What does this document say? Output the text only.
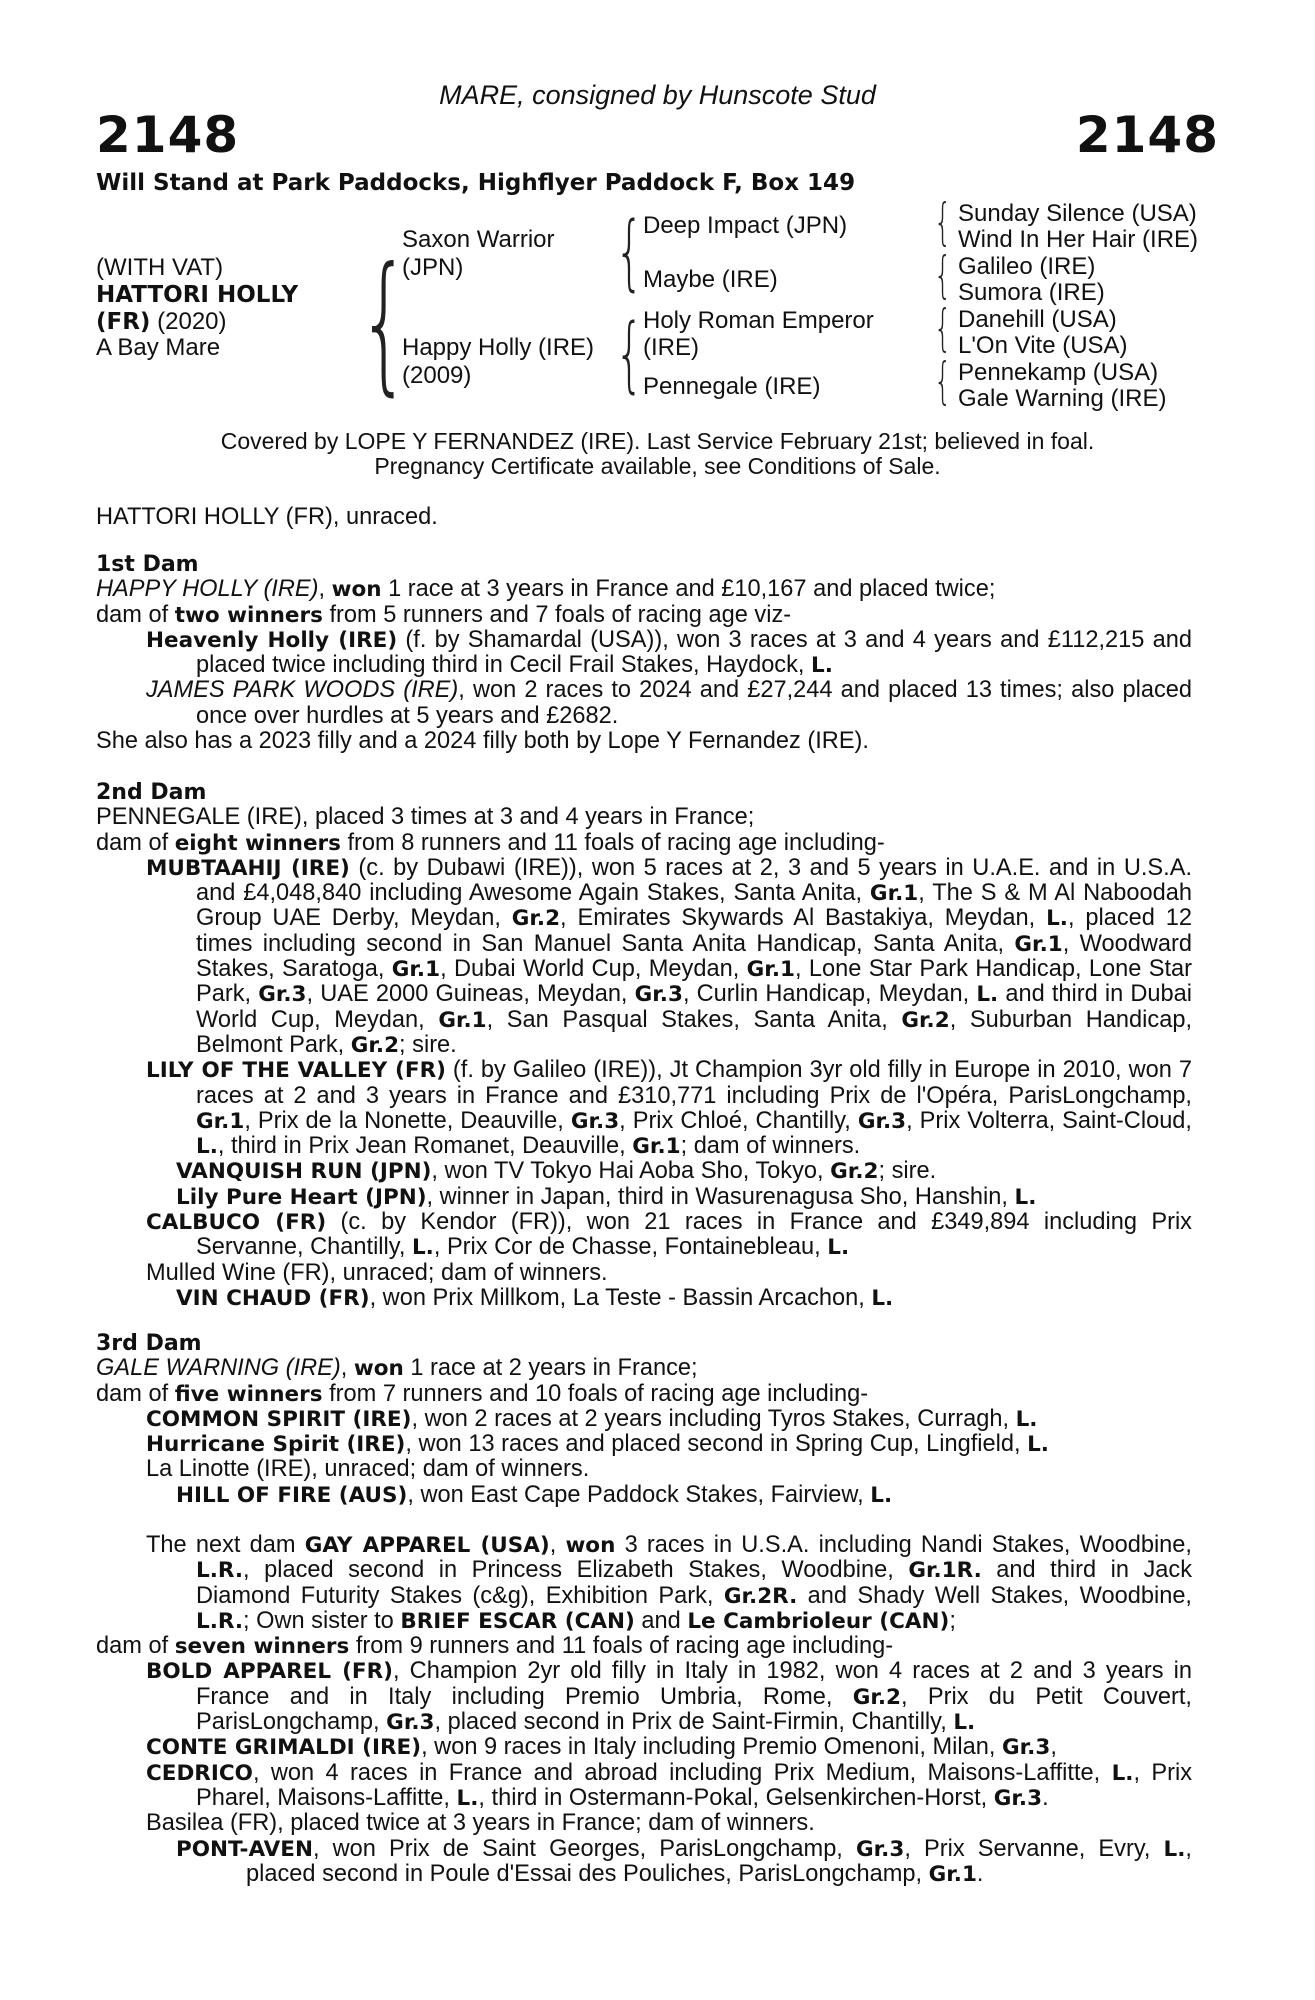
MARE, consigned by Hunscote Stud
2148	2148
Will Stand at Park Paddocks, Highflyer Paddock F, Box 149
(WITH VAT)
HATTORI HOLLY
(FR) (2020)
A Bay Mare {
Saxon Warrior
(JPN)
Happy Holly (IRE)
(2009)
{
{
Deep Impact (JPN)
Maybe (IRE)
Holy Roman Emperor
(IRE)
Pennegale (IRE)
{
{
{
{
Sunday Silence (USA)
Wind In Her Hair (IRE)
Galileo (IRE)
Sumora (IRE)
Danehill (USA)
L'On Vite (USA)
Pennekamp (USA)
Gale Warning (IRE)
Covered by LOPE Y FERNANDEZ (IRE). Last Service February 21st; believed in foal.
Pregnancy Certificate available, see Conditions of Sale.

HATTORI HOLLY (FR), unraced.

1st Dam

HAPPY HOLLY (IRE), won 1 race at 3 years in France and £10,167 and placed twice;

dam of two winners from 5 runners and 7 foals of racing age viz-

Heavenly Holly (IRE) (f. by Shamardal (USA)), won 3 races at 3 and 4 years and £112,215 and placed twice including third in Cecil Frail Stakes, Haydock, L.

JAMES PARK WOODS (IRE), won 2 races to 2024 and £27,244 and placed 13 times; also placed once over hurdles at 5 years and £2682.

She also has a 2023 filly and a 2024 filly both by Lope Y Fernandez (IRE).

2nd Dam

PENNEGALE (IRE), placed 3 times at 3 and 4 years in France;

dam of eight winners from 8 runners and 11 foals of racing age including-

MUBTAAHIJ (IRE) (c. by Dubawi (IRE)), won 5 races at 2, 3 and 5 years in U.A.E. and in U.S.A. and £4,048,840 including Awesome Again Stakes, Santa Anita, Gr.1, The S & M Al Naboodah Group UAE Derby, Meydan, Gr.2, Emirates Skywards Al Bastakiya, Meydan, L., placed 12 times including second in San Manuel Santa Anita Handicap, Santa Anita, Gr.1, Woodward Stakes, Saratoga, Gr.1, Dubai World Cup, Meydan, Gr.1, Lone Star Park Handicap, Lone Star Park, Gr.3, UAE 2000 Guineas, Meydan, Gr.3, Curlin Handicap, Meydan, L. and third in Dubai World Cup, Meydan, Gr.1, San Pasqual Stakes, Santa Anita, Gr.2, Suburban Handicap, Belmont Park, Gr.2; sire.

LILY OF THE VALLEY (FR) (f. by Galileo (IRE)), Jt Champion 3yr old filly in Europe in 2010, won 7 races at 2 and 3 years in France and £310,771 including Prix de l'Opéra, ParisLongchamp, Gr.1, Prix de la Nonette, Deauville, Gr.3, Prix Chloé, Chantilly, Gr.3, Prix Volterra, Saint-Cloud, L., third in Prix Jean Romanet, Deauville, Gr.1; dam of winners.

VANQUISH RUN (JPN), won TV Tokyo Hai Aoba Sho, Tokyo, Gr.2; sire.

Lily Pure Heart (JPN), winner in Japan, third in Wasurenagusa Sho, Hanshin, L.

CALBUCO (FR) (c. by Kendor (FR)), won 21 races in France and £349,894 including Prix Servanne, Chantilly, L., Prix Cor de Chasse, Fontainebleau, L.

Mulled Wine (FR), unraced; dam of winners.

VIN CHAUD (FR), won Prix Millkom, La Teste - Bassin Arcachon, L.

3rd Dam

GALE WARNING (IRE), won 1 race at 2 years in France;

dam of five winners from 7 runners and 10 foals of racing age including-

COMMON SPIRIT (IRE), won 2 races at 2 years including Tyros Stakes, Curragh, L.

Hurricane Spirit (IRE), won 13 races and placed second in Spring Cup, Lingfield, L.

La Linotte (IRE), unraced; dam of winners.

HILL OF FIRE (AUS), won East Cape Paddock Stakes, Fairview, L.

The next dam GAY APPAREL (USA), won 3 races in U.S.A. including Nandi Stakes, Woodbine, L.R., placed second in Princess Elizabeth Stakes, Woodbine, Gr.1R. and third in Jack Diamond Futurity Stakes (c&g), Exhibition Park, Gr.2R. and Shady Well Stakes, Woodbine, L.R.; Own sister to BRIEF ESCAR (CAN) and Le Cambrioleur (CAN);

dam of seven winners from 9 runners and 11 foals of racing age including-

BOLD APPAREL (FR), Champion 2yr old filly in Italy in 1982, won 4 races at 2 and 3 years in France and in Italy including Premio Umbria, Rome, Gr.2, Prix du Petit Couvert, ParisLongchamp, Gr.3, placed second in Prix de Saint-Firmin, Chantilly, L.

CONTE GRIMALDI (IRE), won 9 races in Italy including Premio Omenoni, Milan, Gr.3,

CEDRICO, won 4 races in France and abroad including Prix Medium, Maisons-Laffitte, L., Prix Pharel, Maisons-Laffitte, L., third in Ostermann-Pokal, Gelsenkirchen-Horst, Gr.3.

Basilea (FR), placed twice at 3 years in France; dam of winners.

PONT-AVEN, won Prix de Saint Georges, ParisLongchamp, Gr.3, Prix Servanne, Evry, L., placed second in Poule d'Essai des Pouliches, ParisLongchamp, Gr.1.
